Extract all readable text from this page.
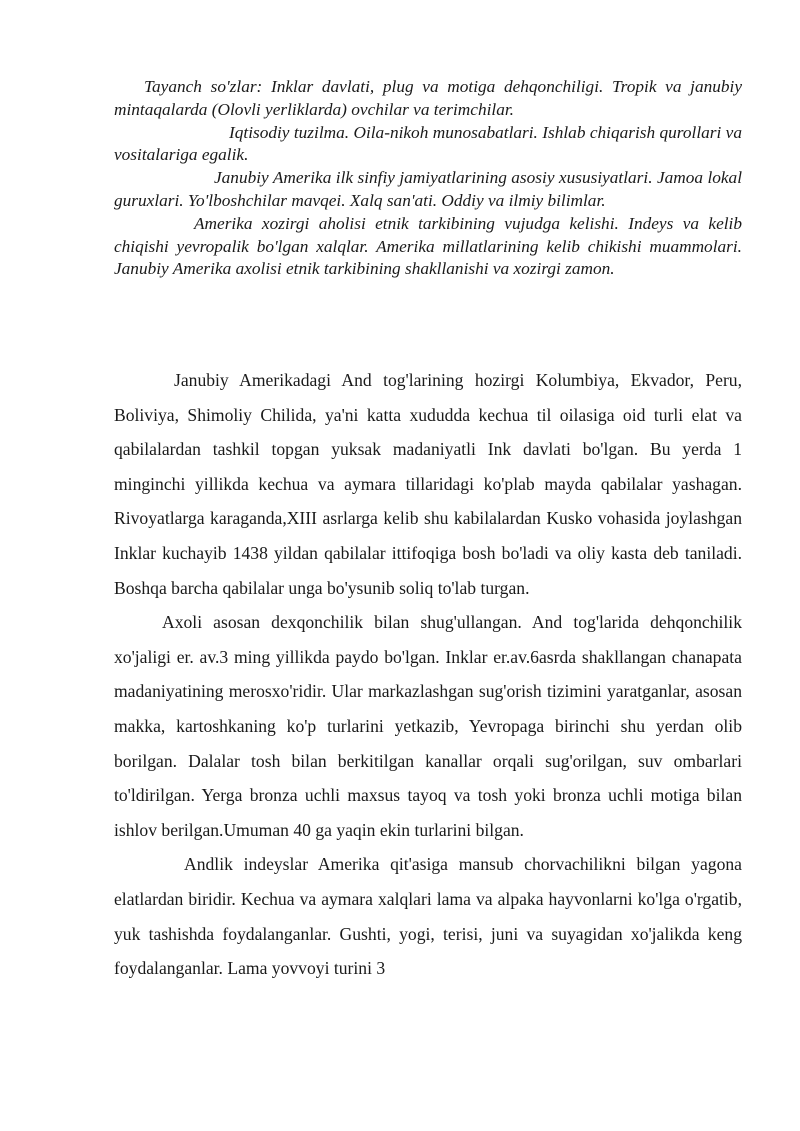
Tayanch so'zlar: Inklar davlati, plug va motiga dehqonchiligi. Tropik va janubiy mintaqalarda (Olovli yerliklarda) ovchilar va terimchilar.

Iqtisodiy tuzilma. Oila-nikoh munosabatlari. Ishlab chiqarish qurollari va vositalariga egalik.

Janubiy Amerika ilk sinfiy jamiyatlarining asosiy xususiyatlari. Jamoa lokal guruxlari. Yo'lboshchilar mavqei. Xalq san'ati. Oddiy va ilmiy bilimlar.

Amerika xozirgi aholisi etnik tarkibining vujudga kelishi. Indeys va kelib chiqishi yevropalik bo'lgan xalqlar. Amerika millatlarining kelib chikishi muammolari. Janubiy Amerika axolisi etnik tarkibining shakllanishi va xozirgi zamon.

Janubiy Amerikadagi And tog'larining hozirgi Kolumbiya, Ekvador, Peru, Boliviya, Shimoliy Chilida, ya'ni katta xududda kechua til oilasiga oid turli elat va qabilalardan tashkil topgan yuksak madaniyatli Ink davlati bo'lgan. Bu yerda 1 minginchi yillikda kechua va aymara tillaridagi ko'plab mayda qabilalar yashagan. Rivoyatlarga karaganda,XIII asrlarga kelib shu kabilalardan Kusko vohasida joylashgan Inklar kuchayib 1438 yildan qabilalar ittifoqiga bosh bo'ladi va oliy kasta deb taniladi. Boshqa barcha qabilalar unga bo'ysunib soliq to'lab turgan.

Axoli asosan dexqonchilik bilan shug'ullangan. And tog'larida dehqonchilik xo'jaligi er. av.3 ming yillikda paydo bo'lgan. Inklar er.av.6asrda shakllangan chanapata madaniyatining merosxo'ridir. Ular markazlashgan sug'orish tizimini yaratganlar, asosan makka, kartoshkaning ko'p turlarini yetkazib, Yevropaga birinchi shu yerdan olib borilgan. Dalalar tosh bilan berkitilgan kanallar orqali sug'orilgan, suv ombarlari to'ldirilgan. Yerga bronza uchli maxsus tayoq va tosh yoki bronza uchli motiga bilan ishlov berilgan.Umuman 40 ga yaqin ekin turlarini bilgan.

Andlik indeyslar Amerika qit'asiga mansub chorvachilikni bilgan yagona elatlardan biridir. Kechua va aymara xalqlari lama va alpaka hayvonlarni ko'lga o'rgatib, yuk tashishda foydalanganlar. Gushti, yogi, terisi, juni va suyagidan xo'jalikda keng foydalanganlar. Lama yovvoyi turini 3
